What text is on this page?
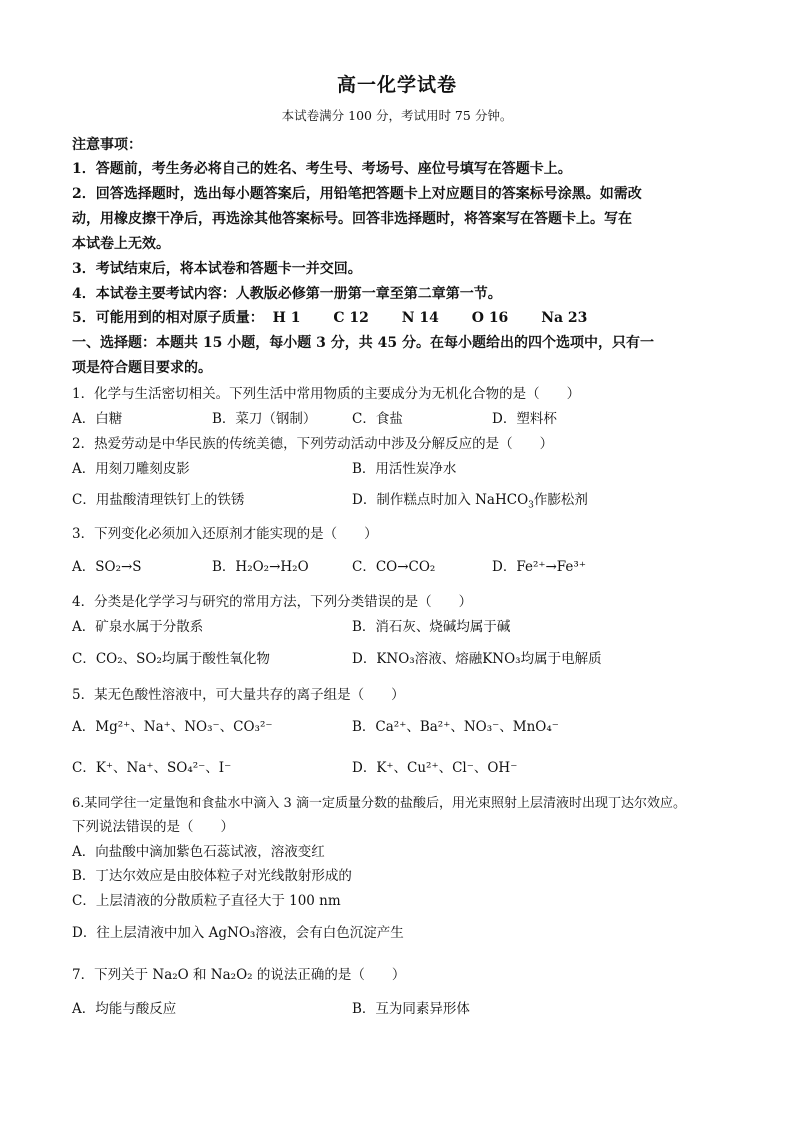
高一化学试卷
本试卷满分 100 分，考试用时 75 分钟。
注意事项：
1．答题前，考生务必将自己的姓名、考生号、考场号、座位号填写在答题卡上。
2．回答选择题时，选出每小题答案后，用铅笔把答题卡上对应题目的答案标号涂黑。如需改
动，用橡皮擦干净后，再选涂其他答案标号。回答非选择题时，将答案写在答题卡上。写在
本试卷上无效。
3．考试结束后，将本试卷和答题卡一并交回。
4．本试卷主要考试内容：人教版必修第一册第一章至第二章第一节。
5．可能用到的相对原子质量： H 1 C 12 N 14 O 16 Na 23
一、选择题：本题共 15 小题，每小题 3 分，共 45 分。在每小题给出的四个选项中，只有一
项是符合题目要求的。
1．化学与生活密切相关。下列生活中常用物质的主要成分为无机化合物的是（　　）
A．白糖	B．菜刀（钢制）	C．食盐	D．塑料杯
2．热爱劳动是中华民族的传统美德，下列劳动活动中涉及分解反应的是（　　）
A．用刻刀雕刻皮影	B．用活性炭净水
C．用盐酸清理铁钉上的铁锈	D．制作糕点时加入 NaHCO$_3$作膨松剂
3．下列变化必须加入还原剂才能实现的是（　　）
A．SO₂→S	B．H₂O₂→H₂O	C．CO→CO₂	D．Fe²⁺→Fe³⁺
4．分类是化学学习与研究的常用方法，下列分类错误的是（　　）
A．矿泉水属于分散系	B．消石灰、烧碱均属于碱
C．CO₂、SO₂均属于酸性氧化物	D．KNO₃溶液、熔融KNO₃均属于电解质
5．某无色酸性溶液中，可大量共存的离子组是（　　）
A．Mg²⁺、Na⁺、NO₃⁻、CO₃²⁻	B．Ca²⁺、Ba²⁺、NO₃⁻、MnO₄⁻
C．K⁺、Na⁺、SO₄²⁻、I⁻	D．K⁺、Cu²⁺、Cl⁻、OH⁻
6.某同学往一定量饱和食盐水中滴入 3 滴一定质量分数的盐酸后，用光束照射上层清液时出现丁达尔效应。
下列说法错误的是（　　）
A．向盐酸中滴加紫色石蕊试液，溶液变红
B．丁达尔效应是由胶体粒子对光线散射形成的
C．上层清液的分散质粒子直径大于 100 nm
D．往上层清液中加入 AgNO₃溶液，会有白色沉淀产生
7．下列关于 Na₂O 和 Na₂O₂ 的说法正确的是（　　）
A．均能与酸反应	B．互为同素异形体
